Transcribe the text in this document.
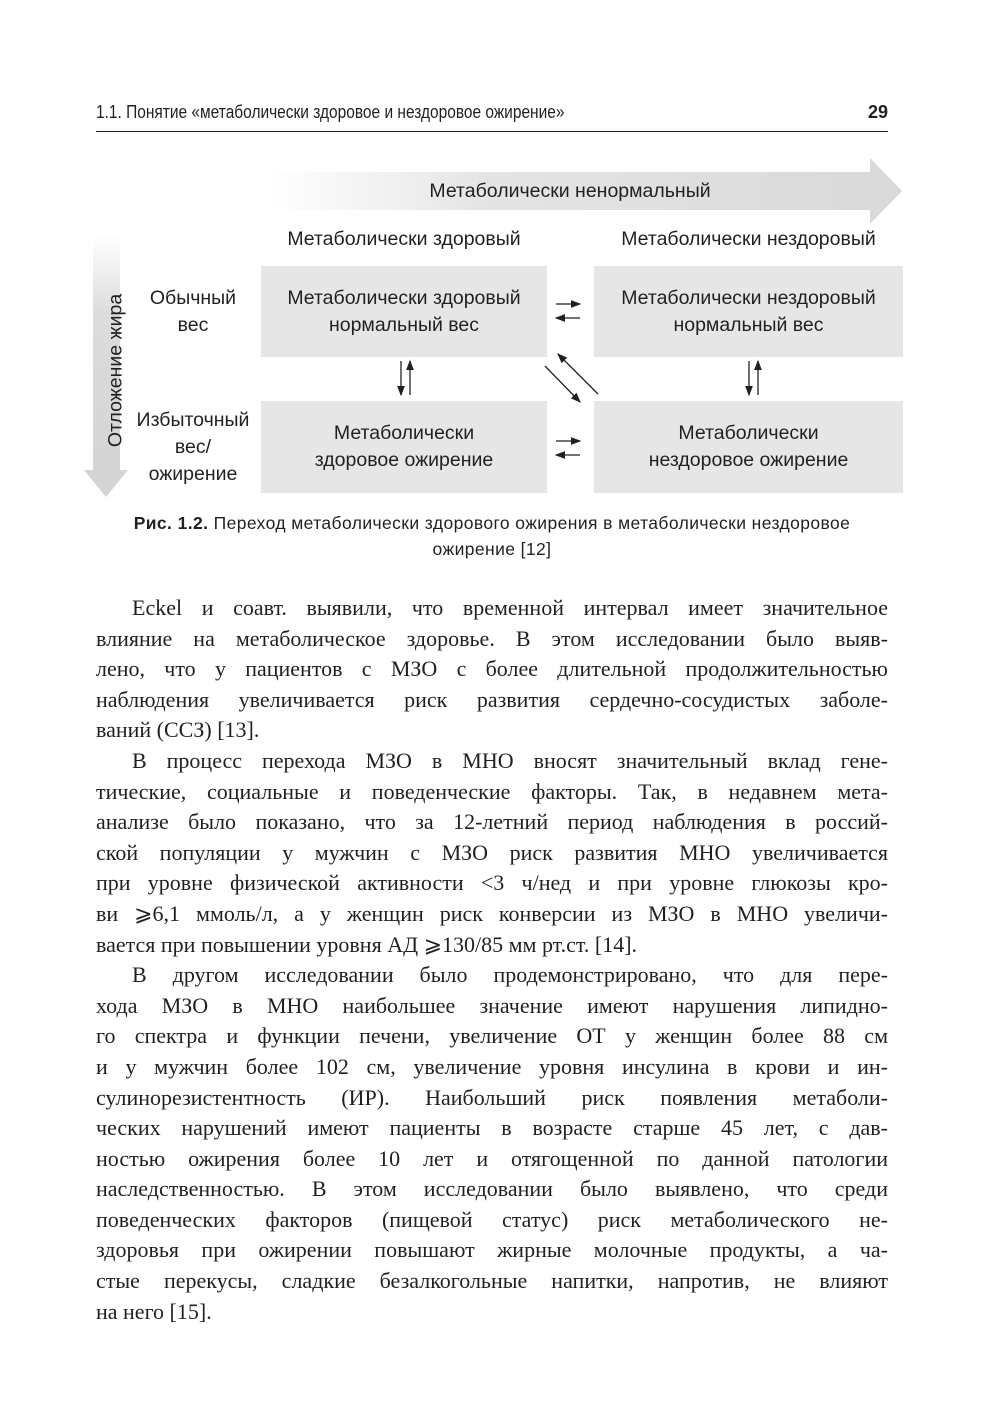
1.1. Понятие «метаболически здоровое и нездоровое ожирение»	29
Метаболически ненормальный
Отложение жира
Метаболически здоровый	Метаболически нездоровый
Обычный
вес
Избыточный
вес/
ожирение
Метаболически здоровый
нормальный вес
Метаболически нездоровый
нормальный вес
Метаболически
здоровое ожирение
Метаболически
нездоровое ожирение
Рис. 1.2. Переход метаболически здорового ожирения в метаболически нездоровое ожирение [12]
Eckel и соавт. выявили, что временной интервал имеет значительное
влияние на метаболическое здоровье. В этом исследовании было выяв-
лено, что у пациентов с МЗО с более длительной продолжительностью
наблюдения увеличивается риск развития сердечно-сосудистых заболе-
ваний (ССЗ) [13].
В процесс перехода МЗО в МНО вносят значительный вклад гене-
тические, социальные и поведенческие факторы. Так, в недавнем мета-
анализе было показано, что за 12-летний период наблюдения в россий-
ской популяции у мужчин с МЗО риск развития МНО увеличивается
при уровне физической активности <3 ч/нед и при уровне глюкозы кро-
ви ⩾6,1 ммоль/л, а у женщин риск конверсии из МЗО в МНО увеличи-
вается при повышении уровня АД ⩾130/85 мм рт.ст. [14].
В другом исследовании было продемонстрировано, что для пере-
хода МЗО в МНО наибольшее значение имеют нарушения липидно-
го спектра и функции печени, увеличение ОТ у женщин более 88 см
и у мужчин более 102 см, увеличение уровня инсулина в крови и ин-
сулинорезистентность (ИР). Наибольший риск появления метаболи-
ческих нарушений имеют пациенты в возрасте старше 45 лет, с дав-
ностью ожирения более 10 лет и отягощенной по данной патологии
наследственностью. В этом исследовании было выявлено, что среди
поведенческих факторов (пищевой статус) риск метаболического не-
здоровья при ожирении повышают жирные молочные продукты, а ча-
стые перекусы, сладкие безалкогольные напитки, напротив, не влияют
на него [15].
